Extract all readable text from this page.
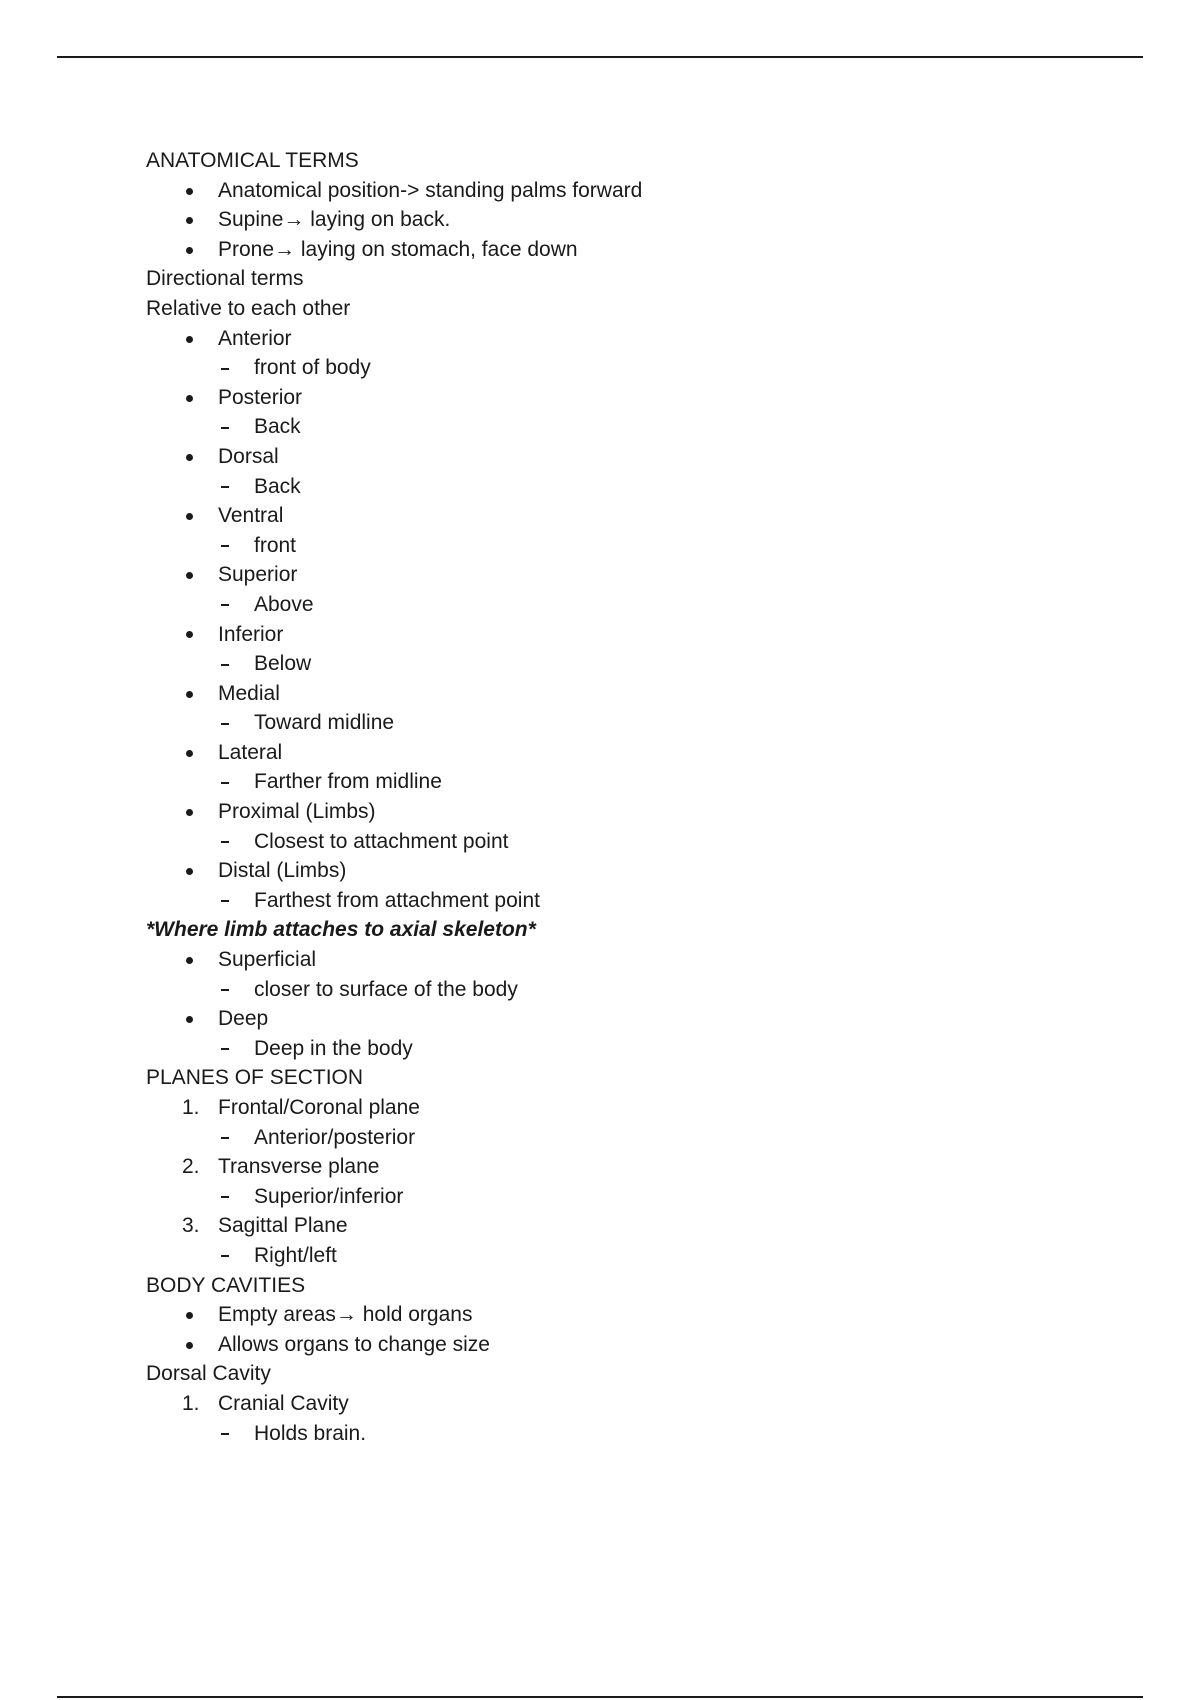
ANATOMICAL TERMS
Anatomical position-> standing palms forward
Supine→ laying on back.
Prone→ laying on stomach, face down
Directional terms
Relative to each other
Anterior
front of body
Posterior
Back
Dorsal
Back
Ventral
front
Superior
Above
Inferior
Below
Medial
Toward midline
Lateral
Farther from midline
Proximal (Limbs)
Closest to attachment point
Distal (Limbs)
Farthest from attachment point
*Where limb attaches to axial skeleton*
Superficial
closer to surface of the body
Deep
Deep in the body
PLANES OF SECTION
1. Frontal/Coronal plane
Anterior/posterior
2. Transverse plane
Superior/inferior
3. Sagittal Plane
Right/left
BODY CAVITIES
Empty areas→ hold organs
Allows organs to change size
Dorsal Cavity
1. Cranial Cavity
Holds brain.
